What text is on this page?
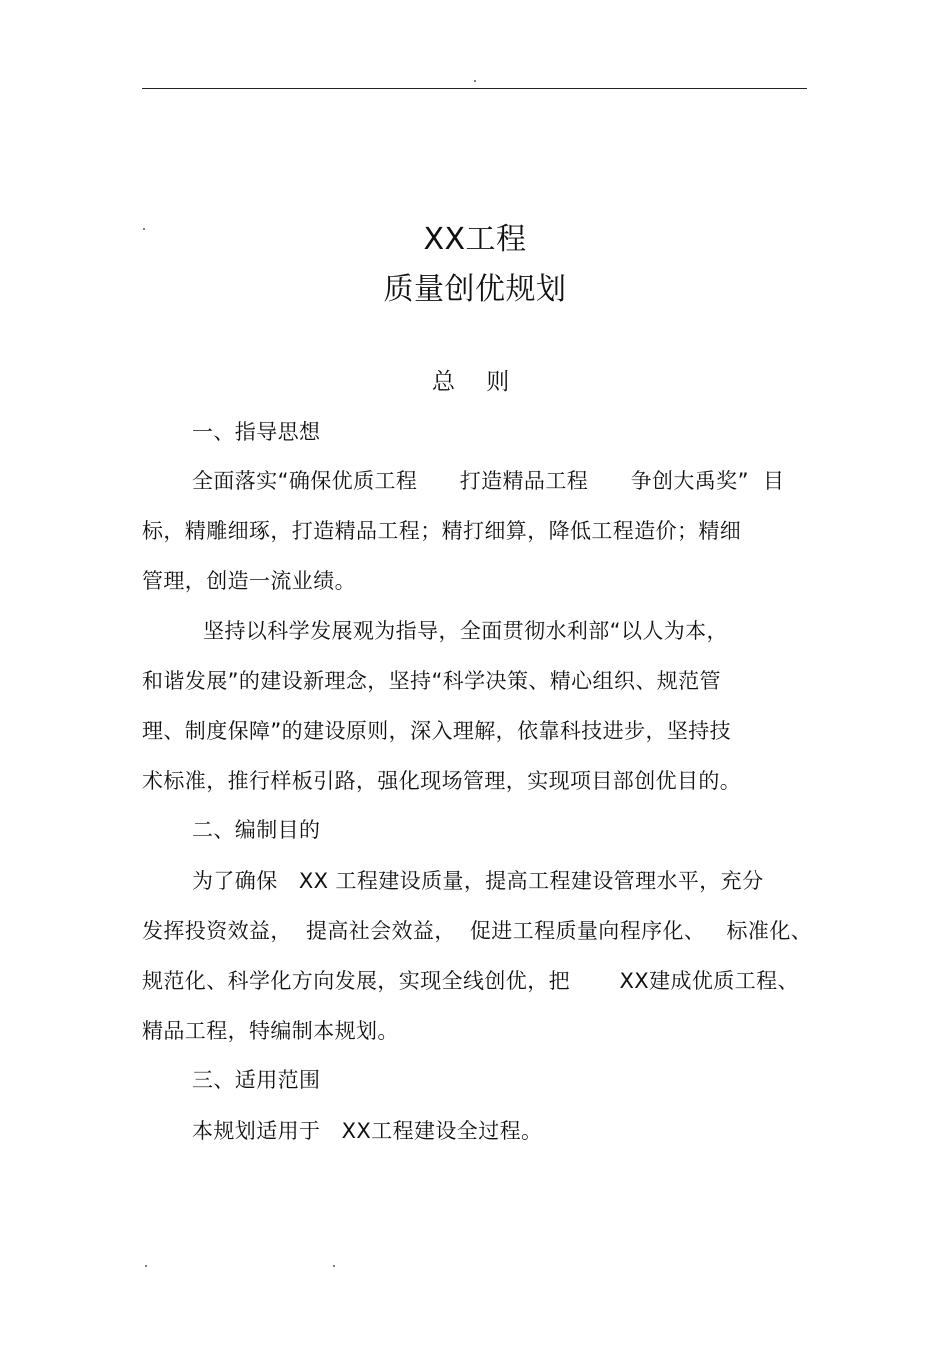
XX工程
质量创优规划
总    则
一、指导思想
全面落实“确保优质工程      打造精品工程      争创大禹奖”  目
标，精雕细琢，打造精品工程；精打细算，降低工程造价；精细
管理，创造一流业绩。
坚持以科学发展观为指导，全面贯彻水利部“以人为本，
和谐发展”的建设新理念，坚持“科学决策、精心组织、规范管
理、制度保障”的建设原则，深入理解，依靠科技进步，坚持技
术标准，推行样板引路，强化现场管理，实现项目部创优目的。
二、编制目的
为了确保   XX 工程建设质量，提高工程建设管理水平，充分
发挥投资效益，  提高社会效益，  促进工程质量向程序化、   标准化、
规范化、科学化方向发展，实现全线创优，把       XX建成优质工程、
精品工程，特编制本规划。
三、适用范围
本规划适用于   XX工程建设全过程。
